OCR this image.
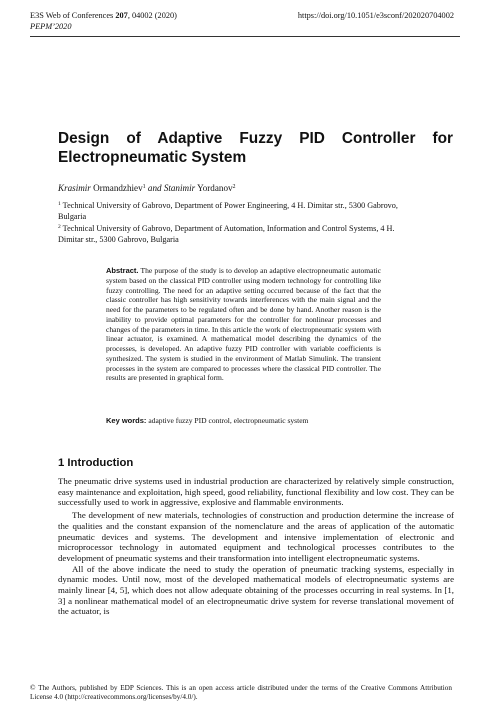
E3S Web of Conferences 207, 04002 (2020)	https://doi.org/10.1051/e3sconf/202020704002
PEPM’2020
Design of Adaptive Fuzzy PID Controller for Electropneumatic System
Krasimir Ormandzhiev$^1$ and Stanimir Yordanov$^2$

$^1$ Technical University of Gabrovo, Department of Power Engineering, 4 H. Dimitar str., 5300 Gabrovo, Bulgaria

$^2$ Technical University of Gabrovo, Department of Automation, Information and Control Systems, 4 H. Dimitar str., 5300 Gabrovo, Bulgaria

Abstract. The purpose of the study is to develop an adaptive electropneumatic automatic system based on the classical PID controller using modern technology for controlling like fuzzy controlling. The need for an adaptive setting occurred because of the fact that the classic controller has high sensitivity towards interferences with the main signal and the need for the parameters to be regulated often and be done by hand. Another reason is the inability to provide optimal parameters for the controller for nonlinear processes and changes of the parameters in time. In this article the work of electropneumatic system with linear actuator, is examined. A mathematical model describing the dynamics of the processes, is developed. An adaptive fuzzy PID controller with variable coefficients is synthesized. The system is studied in the environment of Matlab Simulink. The transient processes in the system are compared to processes where the classical PID controller. The results are presented in graphical form.

Key words: adaptive fuzzy PID control, electropneumatic system

1 Introduction

The pneumatic drive systems used in industrial production are characterized by relatively simple construction, easy maintenance and exploitation, high speed, good reliability, functional flexibility and low cost. They can be successfully used to work in aggressive, explosive and flammable environments.

The development of new materials, technologies of construction and production determine the increase of the qualities and the constant expansion of the nomenclature and the areas of application of the automatic pneumatic devices and systems. The development and intensive implementation of electronic and microprocessor technology in automated equipment and technological processes contributes to the development of pneumatic systems and their transformation into intelligent electropneumatic systems.

All of the above indicate the need to study the operation of pneumatic tracking systems, especially in dynamic modes. Until now, most of the developed mathematical models of electropneumatic systems are mainly linear [4, 5], which does not allow adequate obtaining of the processes occurring in real systems. In [1, 3] a nonlinear mathematical model of an electropneumatic drive system for reverse translational movement of the actuator, is

© The Authors, published by EDP Sciences. This is an open access article distributed under the terms of the Creative Commons Attribution License 4.0 (http://creativecommons.org/licenses/by/4.0/).
